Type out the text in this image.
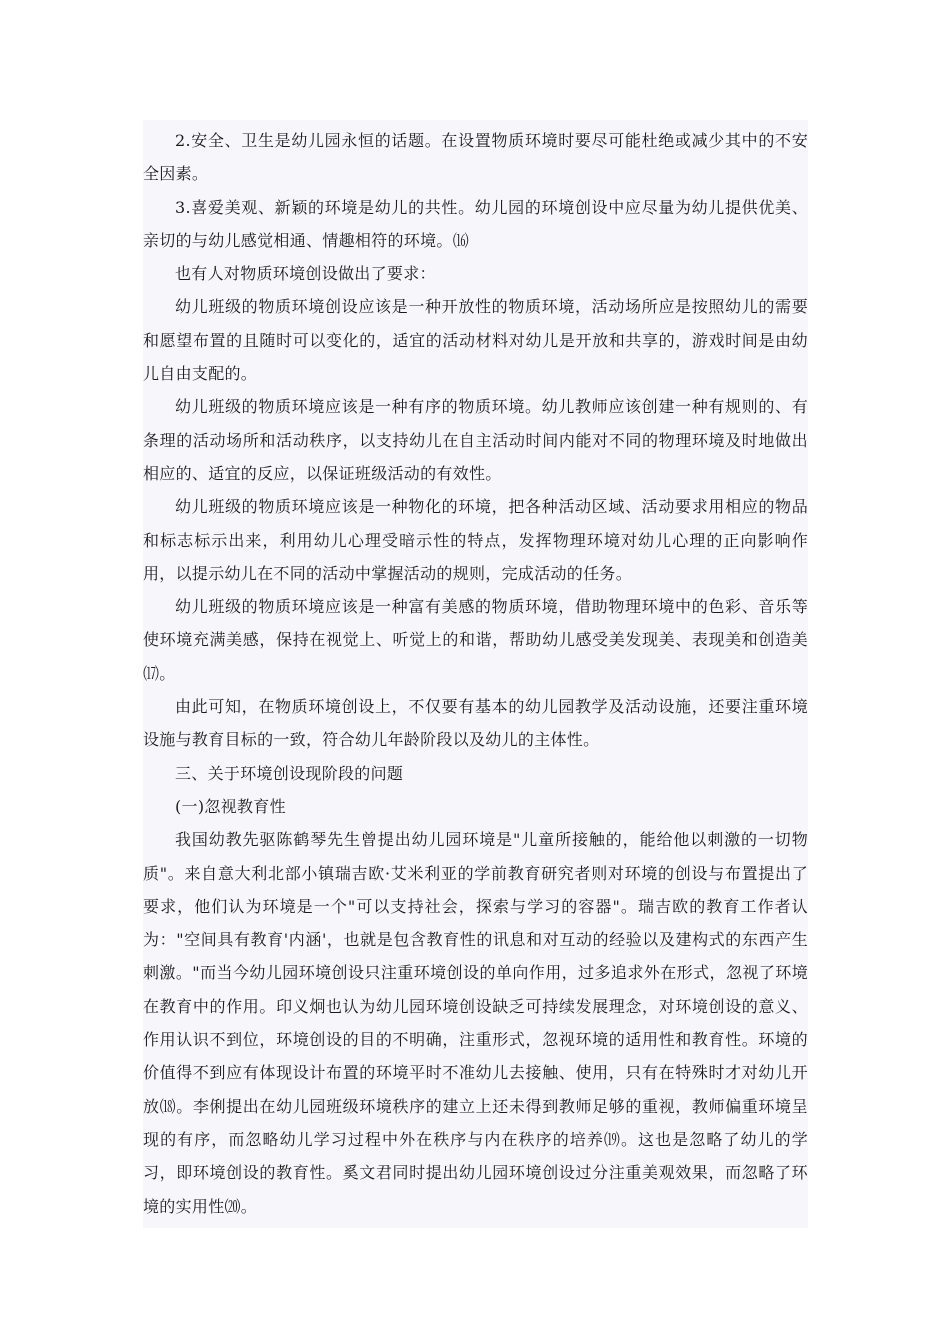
2.安全、卫生是幼儿园永恒的话题。在设置物质环境时要尽可能杜绝或减少其中的不安全因素。

3.喜爱美观、新颖的环境是幼儿的共性。幼儿园的环境创设中应尽量为幼儿提供优美、亲切的与幼儿感觉相通、情趣相符的环境。⒃

也有人对物质环境创设做出了要求：

幼儿班级的物质环境创设应该是一种开放性的物质环境，活动场所应是按照幼儿的需要和愿望布置的且随时可以变化的，适宜的活动材料对幼儿是开放和共享的，游戏时间是由幼儿自由支配的。

幼儿班级的物质环境应该是一种有序的物质环境。幼儿教师应该创建一种有规则的、有条理的活动场所和活动秩序，以支持幼儿在自主活动时间内能对不同的物理环境及时地做出相应的、适宜的反应，以保证班级活动的有效性。

幼儿班级的物质环境应该是一种物化的环境，把各种活动区域、活动要求用相应的物品和标志标示出来，利用幼儿心理受暗示性的特点，发挥物理环境对幼儿心理的正向影响作用，以提示幼儿在不同的活动中掌握活动的规则，完成活动的任务。

幼儿班级的物质环境应该是一种富有美感的物质环境，借助物理环境中的色彩、音乐等使环境充满美感，保持在视觉上、听觉上的和谐，帮助幼儿感受美发现美、表现美和创造美⒄。

由此可知，在物质环境创设上，不仅要有基本的幼儿园教学及活动设施，还要注重环境设施与教育目标的一致，符合幼儿年龄阶段以及幼儿的主体性。

三、关于环境创设现阶段的问题

(一)忽视教育性

我国幼教先驱陈鹤琴先生曾提出幼儿园环境是"儿童所接触的，能给他以刺激的一切物质"。来自意大利北部小镇瑞吉欧·艾米利亚的学前教育研究者则对环境的创设与布置提出了要求，他们认为环境是一个"可以支持社会，探索与学习的容器"。瑞吉欧的教育工作者认为："空间具有教育'内涵'，也就是包含教育性的讯息和对互动的经验以及建构式的东西产生刺激。"而当今幼儿园环境创设只注重环境创设的单向作用，过多追求外在形式，忽视了环境在教育中的作用。印义炯也认为幼儿园环境创设缺乏可持续发展理念，对环境创设的意义、作用认识不到位，环境创设的目的不明确，注重形式，忽视环境的适用性和教育性。环境的价值得不到应有体现设计布置的环境平时不准幼儿去接触、使用，只有在特殊时才对幼儿开放⒅。李俐提出在幼儿园班级环境秩序的建立上还未得到教师足够的重视，教师偏重环境呈现的有序，而忽略幼儿学习过程中外在秩序与内在秩序的培养⒆。这也是忽略了幼儿的学习，即环境创设的教育性。奚文君同时提出幼儿园环境创设过分注重美观效果，而忽略了环境的实用性⒇。
